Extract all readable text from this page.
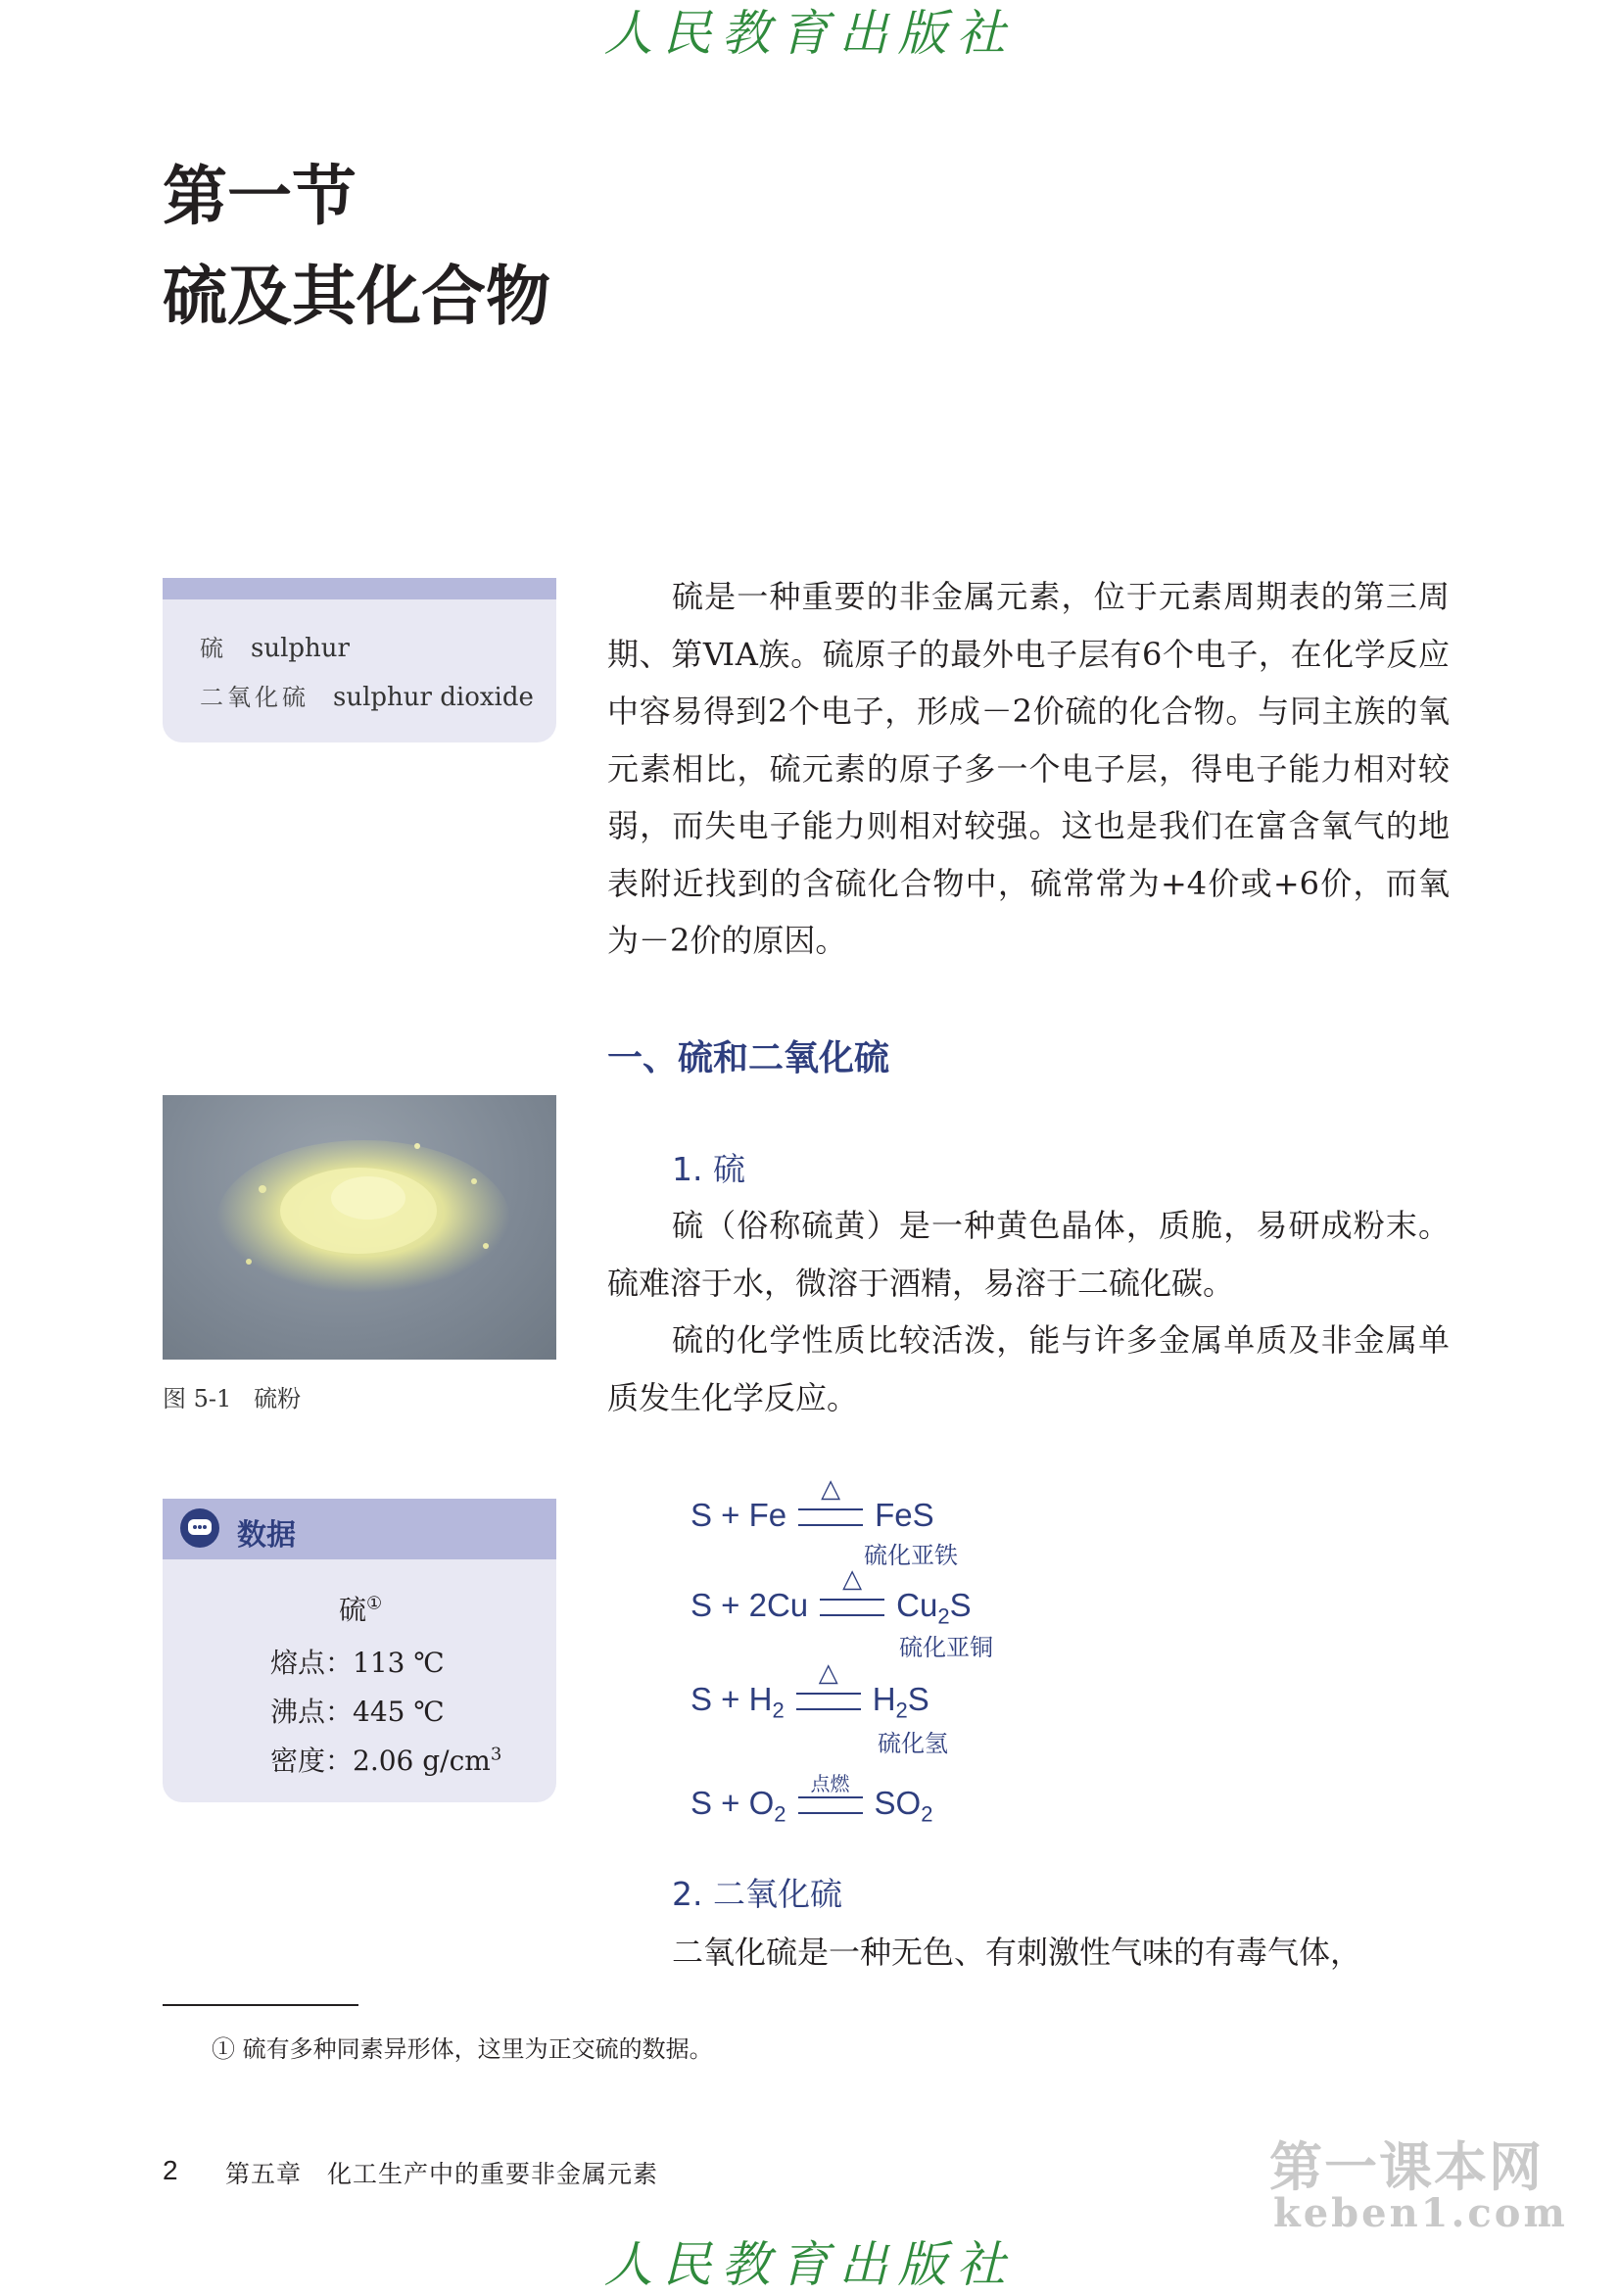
人民教育出版社
第一节
硫及其化合物
硫 sulphur
二氧化硫 sulphur dioxide

硫是一种重要的非金属元素，位于元素周期表的第三周期、第ⅥA族。硫原子的最外电子层有6个电子，在化学反应中容易得到2个电子，形成－2价硫的化合物。与同主族的氧元素相比，硫元素的原子多一个电子层，得电子能力相对较弱，而失电子能力则相对较强。这也是我们在富含氧气的地表附近找到的含硫化合物中，硫常常为+4价或+6价，而氧为－2价的原因。

一、硫和二氧化硫
1. 硫

硫（俗称硫黄）是一种黄色晶体，质脆，易研成粉末。硫难溶于水，微溶于酒精，易溶于二硫化碳。

硫的化学性质比较活泼，能与许多金属单质及非金属单质发生化学反应。

图 5-1 硫粉
数据
硫①
熔点：113 ℃
沸点：445 ℃
密度：2.06 $g/cm^3$
S + Fe
△
FeS
硫化亚铁
S + 2Cu
△
$Cu_2S$
硫化亚铜
$S + H_2$
△
$H_2S$
硫化氢
$S + O_2$
点燃
$SO_2$
2. 二氧化硫

二氧化硫是一种无色、有刺激性气味的有毒气体，

① 硫有多种同素异形体，这里为正交硫的数据。
2 第五章　化工生产中的重要非金属元素	第一课本网
keben1.com
人民教育出版社
